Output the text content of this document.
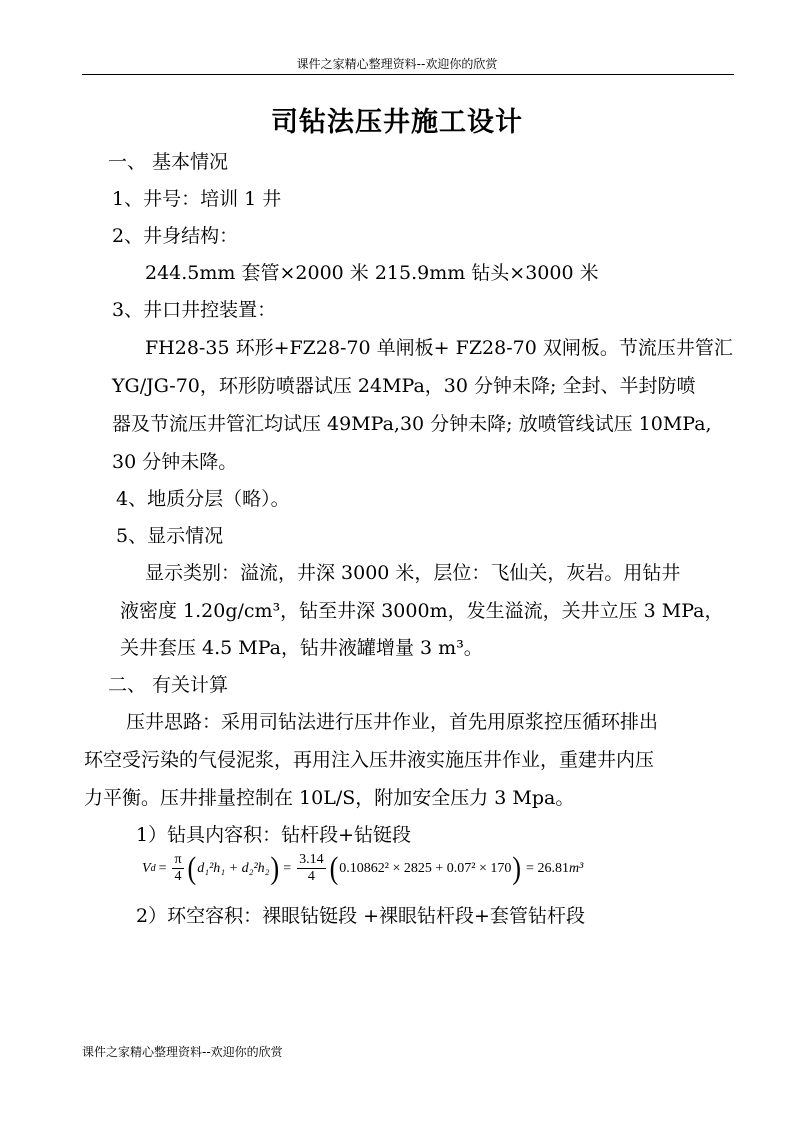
课件之家精心整理资料--欢迎你的欣赏
司钻法压井施工设计
一、 基本情况
1、井号：培训 1 井
2、井身结构：
244.5mm 套管×2000 米 215.9mm 钻头×3000 米
3、井口井控装置：
FH28-35 环形+FZ28-70 单闸板+ FZ28-70 双闸板。节流压井管汇
YG/JG-70，环形防喷器试压 24MPa，30 分钟未降; 全封、半封防喷
器及节流压井管汇均试压 49MPa,30 分钟未降; 放喷管线试压 10MPa,
30 分钟未降。
4、地质分层（略）。
5、显示情况
显示类别：溢流，井深 3000 米，层位：飞仙关，灰岩。用钻井
液密度 1.20g/cm³，钻至井深 3000m，发生溢流，关井立压 3 MPa，
关井套压 4.5 MPa，钻井液罐增量 3 m³。
二、 有关计算
压井思路：采用司钻法进行压井作业，首先用原浆控压循环排出
环空受污染的气侵泥浆，再用注入压井液实施压井作业，重建井内压
力平衡。压井排量控制在 10L/S，附加安全压力 3 Mpa。
1）钻具内容积：钻杆段+钻铤段
V $d = \frac{\pi}{4}$ ( d₁²h₁ + d₂²h₂ ) = $\frac{3.14}{4}$ ( 0.10862² × 2825 + 0.07² × 170 ) = 26.81 m³
2）环空容积：裸眼钻铤段 +裸眼钻杆段+套管钻杆段
课件之家精心整理资料--欢迎你的欣赏
